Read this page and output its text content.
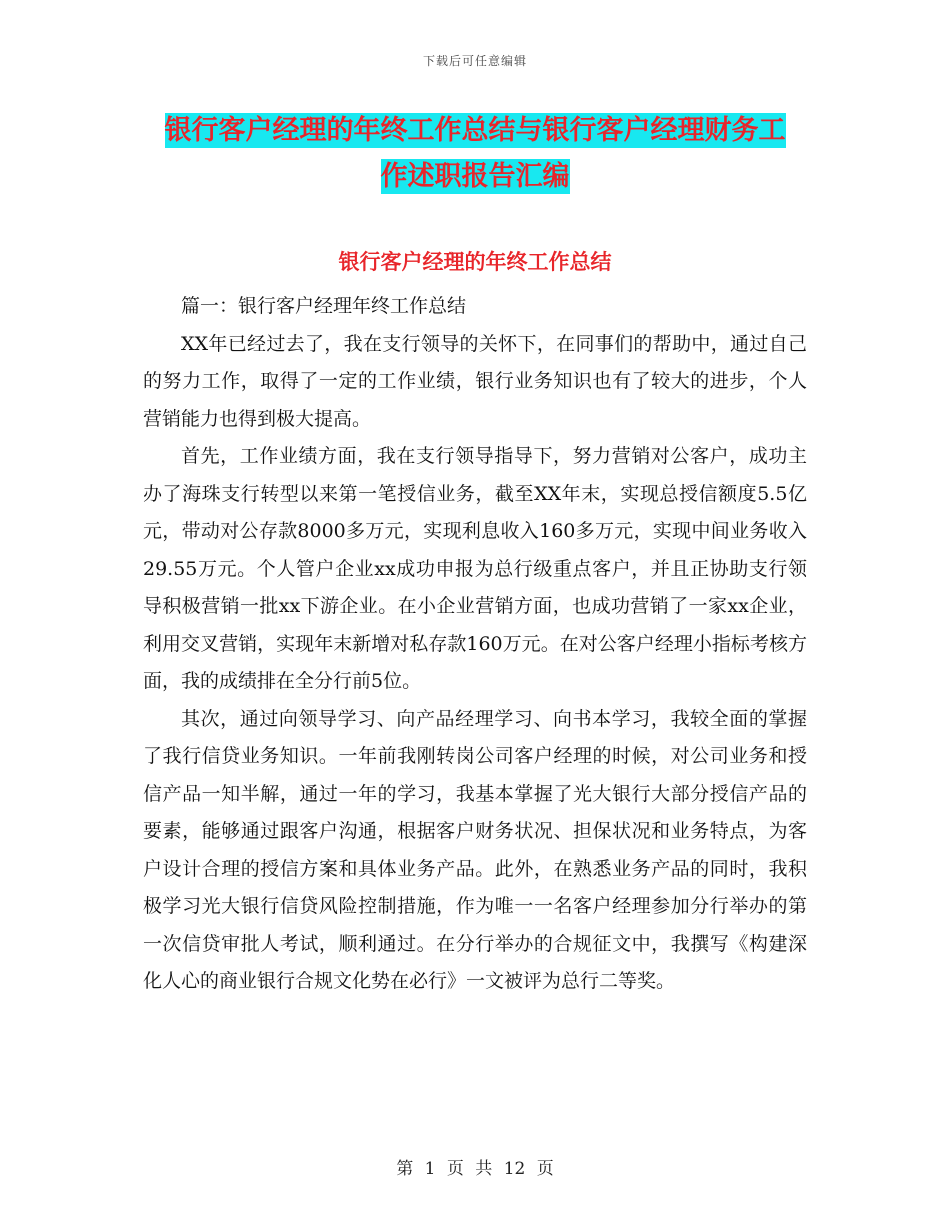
下载后可任意编辑
银行客户经理的年终工作总结与银行客户经理财务工
作述职报告汇编
银行客户经理的年终工作总结

篇一：银行客户经理年终工作总结

XX年已经过去了，我在支行领导的关怀下，在同事们的帮助中，通过自己的努力工作，取得了一定的工作业绩，银行业务知识也有了较大的进步，个人营销能力也得到极大提高。

首先，工作业绩方面，我在支行领导指导下，努力营销对公客户，成功主办了海珠支行转型以来第一笔授信业务，截至XX年末，实现总授信额度5.5亿元，带动对公存款8000多万元，实现利息收入160多万元，实现中间业务收入29.55万元。个人管户企业xx成功申报为总行级重点客户，并且正协助支行领导积极营销一批xx下游企业。在小企业营销方面，也成功营销了一家xx企业，利用交叉营销，实现年末新增对私存款160万元。在对公客户经理小指标考核方面，我的成绩排在全分行前5位。

其次，通过向领导学习、向产品经理学习、向书本学习，我较全面的掌握了我行信贷业务知识。一年前我刚转岗公司客户经理的时候，对公司业务和授信产品一知半解，通过一年的学习，我基本掌握了光大银行大部分授信产品的要素，能够通过跟客户沟通，根据客户财务状况、担保状况和业务特点，为客户设计合理的授信方案和具体业务产品。此外，在熟悉业务产品的同时，我积极学习光大银行信贷风险控制措施，作为唯一一名客户经理参加分行举办的第一次信贷审批人考试，顺利通过。在分行举办的合规征文中，我撰写《构建深化人心的商业银行合规文化势在必行》一文被评为总行二等奖。

第 1 页 共 12 页
